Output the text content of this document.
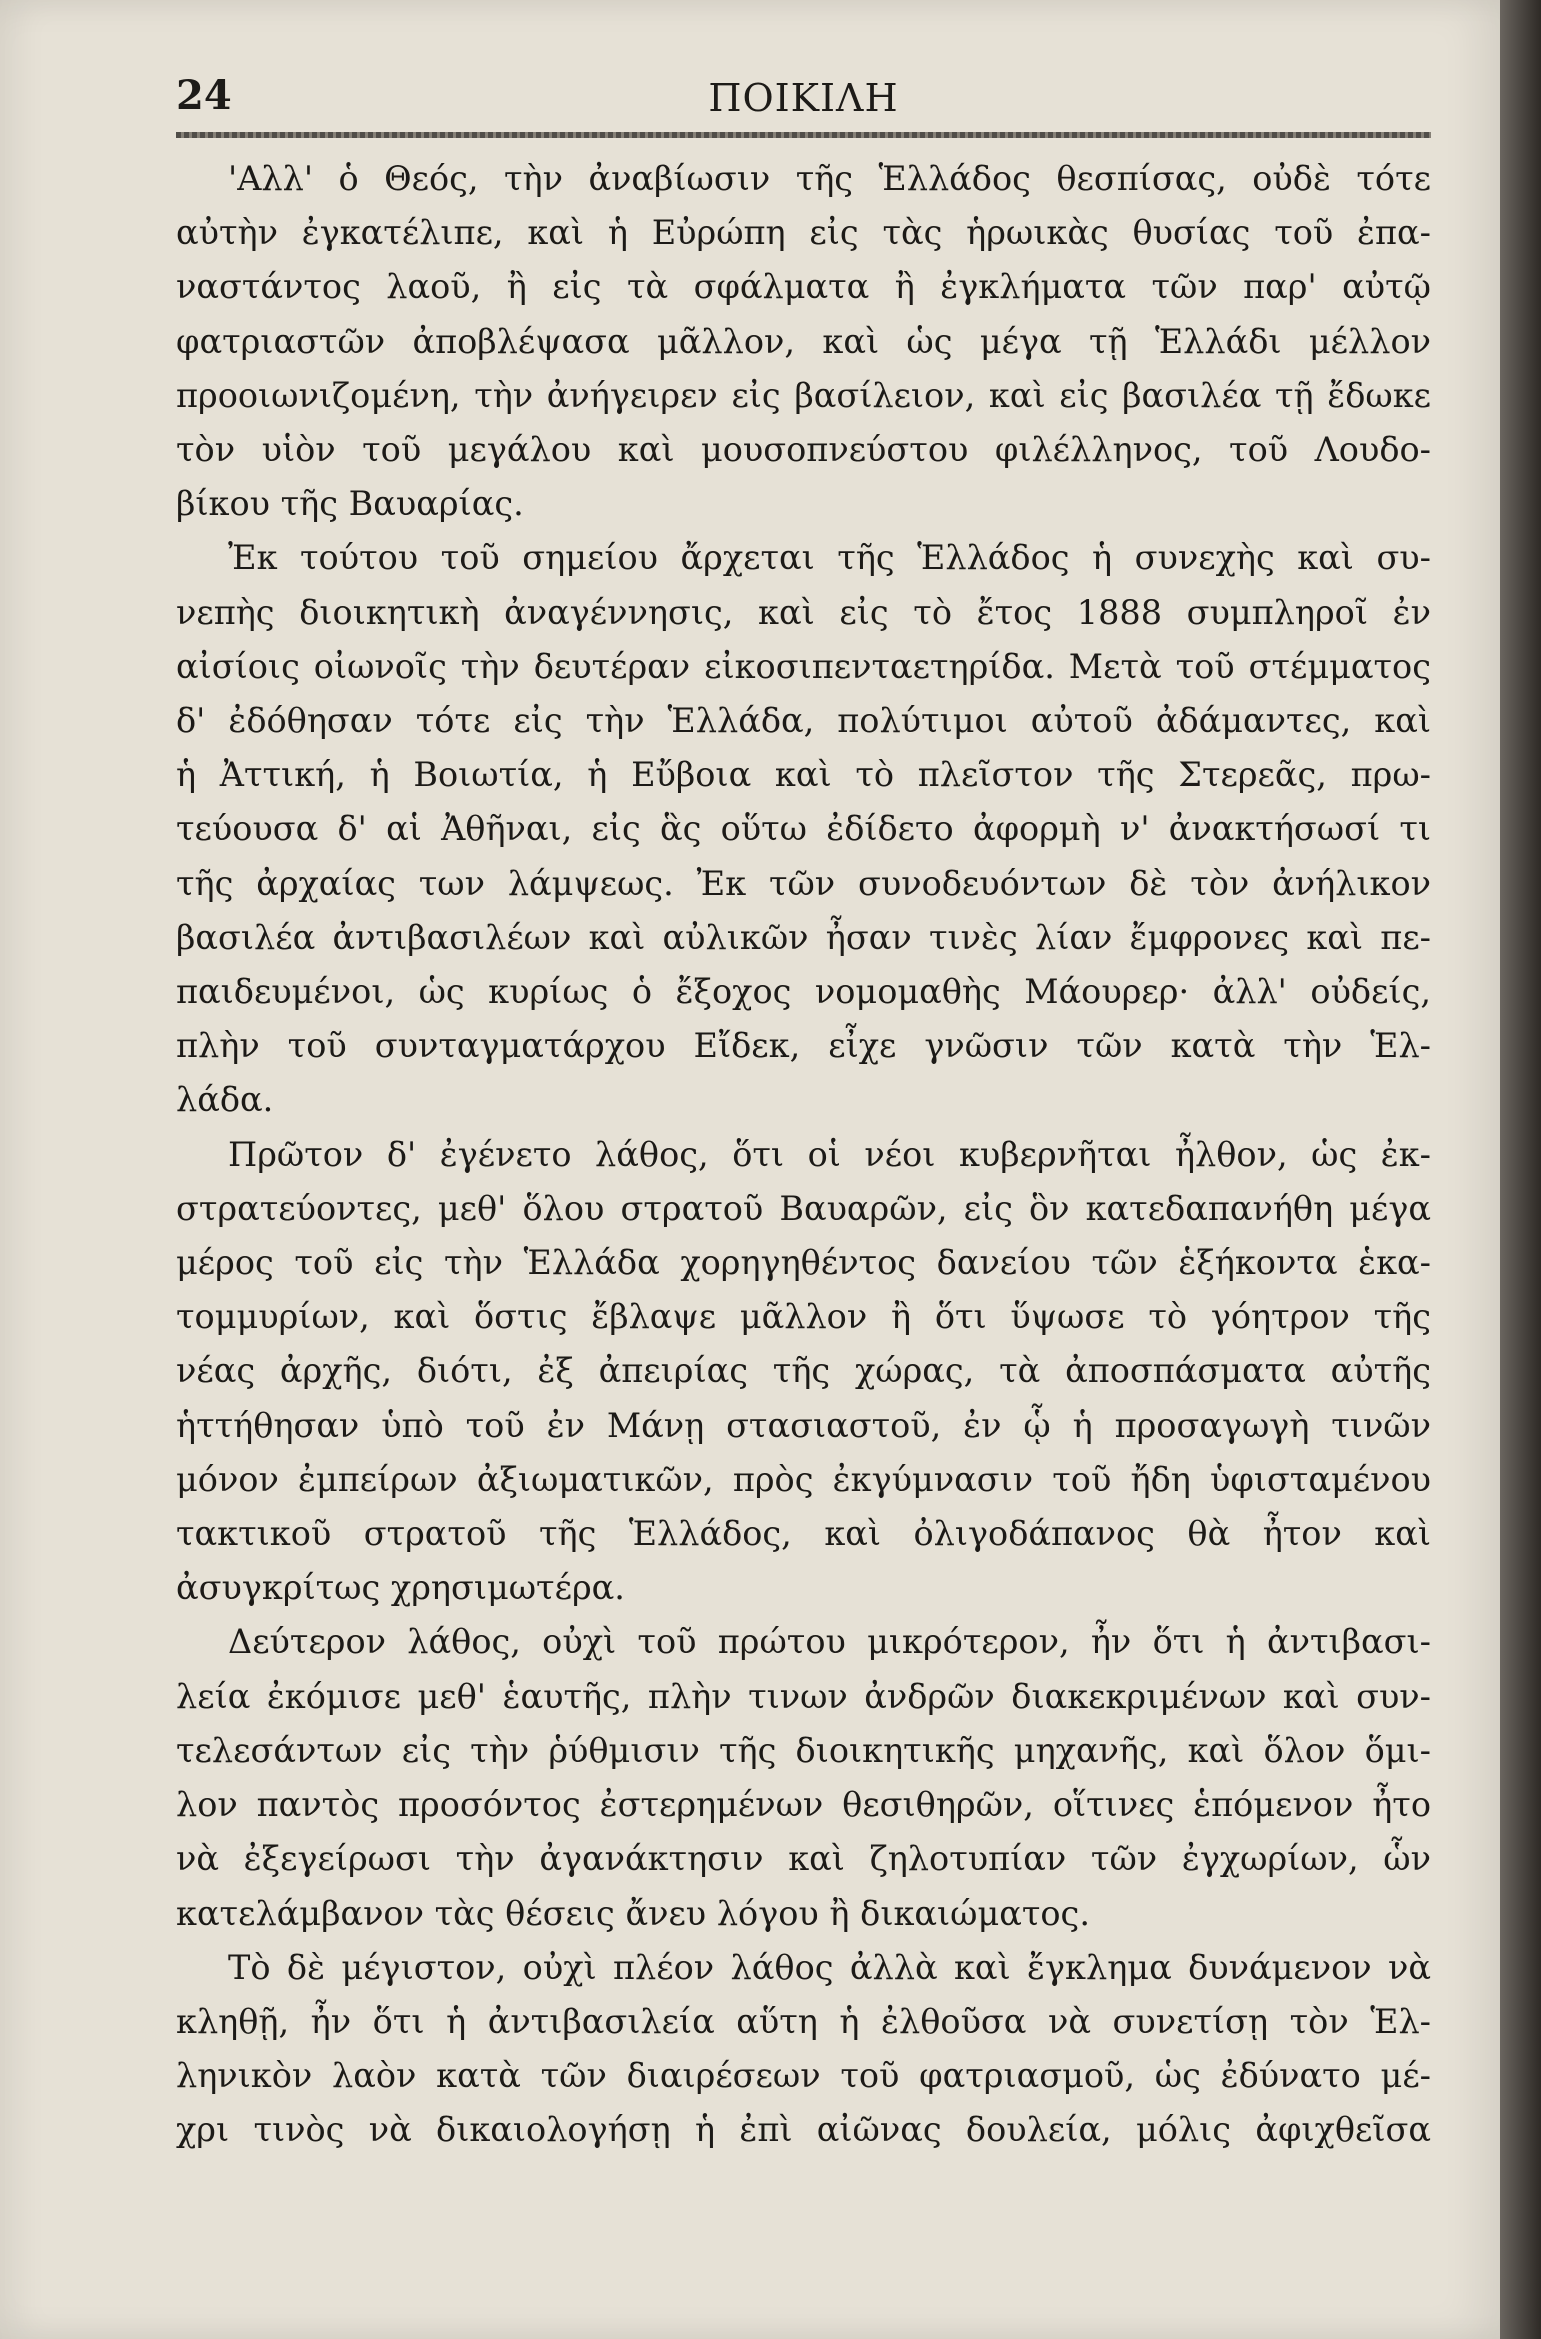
24	ΠΟΙΚΙΛΗ
'Αλλ' ὁ Θεός, τὴν ἀναβίωσιν τῆς Ἑλλάδος θεσπίσας, οὐδὲ τότε
αὐτὴν ἐγκατέλιπε, καὶ ἡ Εὐρώπη εἰς τὰς ἡρωικὰς θυσίας τοῦ ἐπα-
ναστάντος λαοῦ, ἢ εἰς τὰ σφάλματα ἢ ἐγκλήματα τῶν παρ' αὐτῷ
φατριαστῶν ἀποβλέψασα μᾶλλον, καὶ ὡς μέγα τῇ Ἑλλάδι μέλλον
προοιωνιζομένη, τὴν ἀνήγειρεν εἰς βασίλειον, καὶ εἰς βασιλέα τῇ ἔδωκε
τὸν υἱὸν τοῦ μεγάλου καὶ μουσοπνεύστου φιλέλληνος, τοῦ Λουδο-
βίκου τῆς Βαυαρίας.
Ἐκ τούτου τοῦ σημείου ἄρχεται τῆς Ἑλλάδος ἡ συνεχὴς καὶ συ-
νεπὴς διοικητικὴ ἀναγέννησις, καὶ εἰς τὸ ἔτος 1888 συμπληροῖ ἐν
αἰσίοις οἰωνοῖς τὴν δευτέραν εἰκοσιπενταετηρίδα. Μετὰ τοῦ στέμματος
δ' ἐδόθησαν τότε εἰς τὴν Ἑλλάδα, πολύτιμοι αὐτοῦ ἀδάμαντες, καὶ
ἡ Ἀττική, ἡ Βοιωτία, ἡ Εὔβοια καὶ τὸ πλεῖστον τῆς Στερεᾶς, πρω-
τεύουσα δ' αἱ Ἀθῆναι, εἰς ἃς οὕτω ἐδίδετο ἀφορμὴ ν' ἀνακτήσωσί τι
τῆς ἀρχαίας των λάμψεως. Ἐκ τῶν συνοδευόντων δὲ τὸν ἀνήλικον
βασιλέα ἀντιβασιλέων καὶ αὐλικῶν ἦσαν τινὲς λίαν ἔμφρονες καὶ πε-
παιδευμένοι, ὡς κυρίως ὁ ἔξοχος νομομαθὴς Μάουρερ· ἀλλ' οὐδείς,
πλὴν τοῦ συνταγματάρχου Εἴδεκ, εἶχε γνῶσιν τῶν κατὰ τὴν Ἑλ-
λάδα.
Πρῶτον δ' ἐγένετο λάθος, ὅτι οἱ νέοι κυβερνῆται ἦλθον, ὡς ἐκ-
στρατεύοντες, μεθ' ὅλου στρατοῦ Βαυαρῶν, εἰς ὃν κατεδαπανήθη μέγα
μέρος τοῦ εἰς τὴν Ἑλλάδα χορηγηθέντος δανείου τῶν ἑξήκοντα ἑκα-
τομμυρίων, καὶ ὅστις ἔβλαψε μᾶλλον ἢ ὅτι ὕψωσε τὸ γόητρον τῆς
νέας ἀρχῆς, διότι, ἐξ ἀπειρίας τῆς χώρας, τὰ ἀποσπάσματα αὐτῆς
ἡττήθησαν ὑπὸ τοῦ ἐν Μάνῃ στασιαστοῦ, ἐν ᾧ ἡ προσαγωγὴ τινῶν
μόνον ἐμπείρων ἀξιωματικῶν, πρὸς ἐκγύμνασιν τοῦ ἤδη ὑφισταμένου
τακτικοῦ στρατοῦ τῆς Ἑλλάδος, καὶ ὀλιγοδάπανος θὰ ἦτον καὶ
ἀσυγκρίτως χρησιμωτέρα.
Δεύτερον λάθος, οὐχὶ τοῦ πρώτου μικρότερον, ἦν ὅτι ἡ ἀντιβασι-
λεία ἐκόμισε μεθ' ἑαυτῆς, πλὴν τινων ἀνδρῶν διακεκριμένων καὶ συν-
τελεσάντων εἰς τὴν ῥύθμισιν τῆς διοικητικῆς μηχανῆς, καὶ ὅλον ὅμι-
λον παντὸς προσόντος ἐστερημένων θεσιθηρῶν, οἵτινες ἑπόμενον ἦτο
νὰ ἐξεγείρωσι τὴν ἀγανάκτησιν καὶ ζηλοτυπίαν τῶν ἐγχωρίων, ὧν
κατελάμβανον τὰς θέσεις ἄνευ λόγου ἢ δικαιώματος.
Τὸ δὲ μέγιστον, οὐχὶ πλέον λάθος ἀλλὰ καὶ ἔγκλημα δυνάμενον νὰ
κληθῇ, ἦν ὅτι ἡ ἀντιβασιλεία αὕτη ἡ ἐλθοῦσα νὰ συνετίσῃ τὸν Ἑλ-
ληνικὸν λαὸν κατὰ τῶν διαιρέσεων τοῦ φατριασμοῦ, ὡς ἐδύνατο μέ-
χρι τινὸς νὰ δικαιολογήσῃ ἡ ἐπὶ αἰῶνας δουλεία, μόλις ἀφιχθεῖσα
